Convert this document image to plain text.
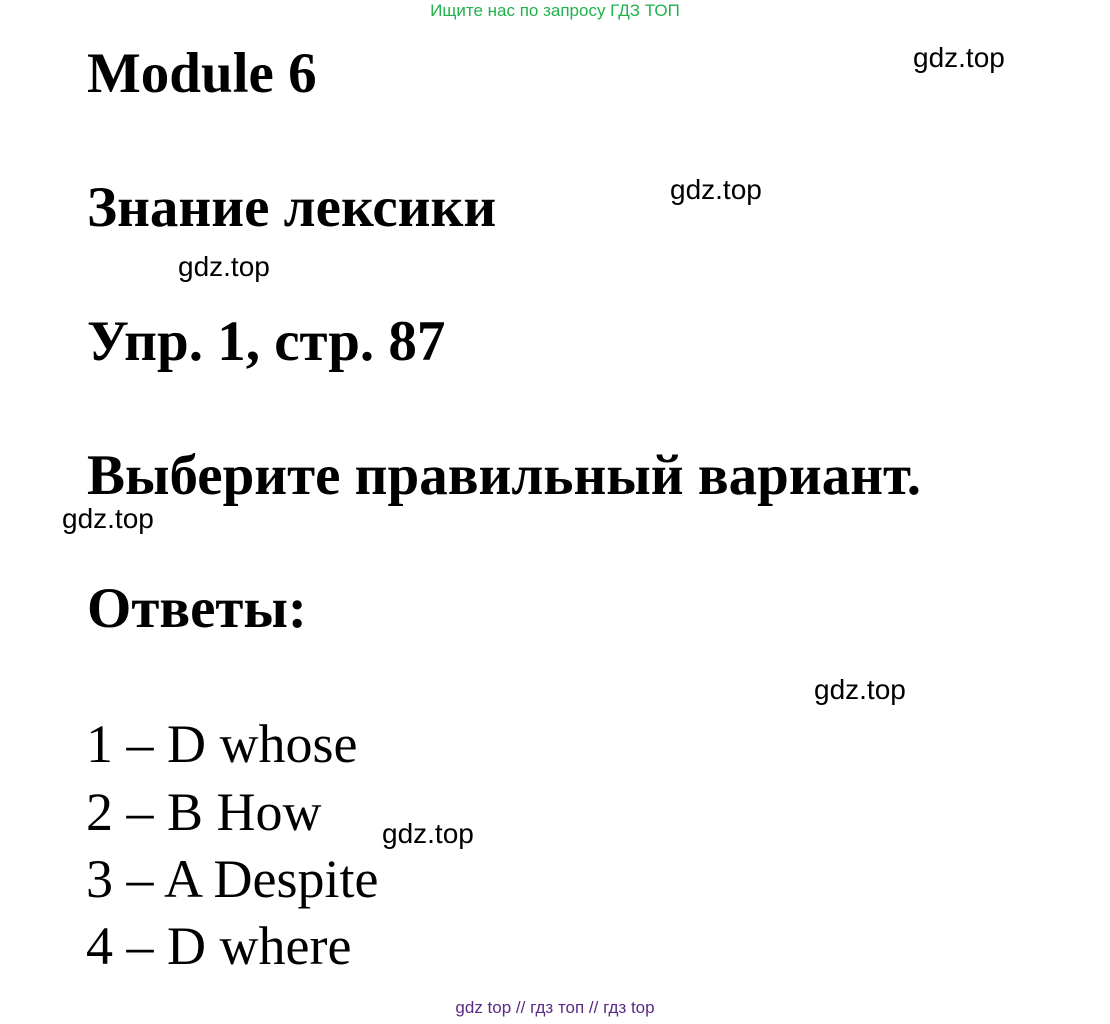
Ищите нас по запросу ГДЗ ТОП
Module 6
Знание лексики
Упр. 1, стр. 87
Выберите правильный вариант.
Ответы:
1 – D whose
2 – B How
3 – A Despite
4 – D where
gdz.top
gdz.top
gdz.top
gdz.top
gdz.top
gdz.top
gdz top // гдз топ // гдз top
